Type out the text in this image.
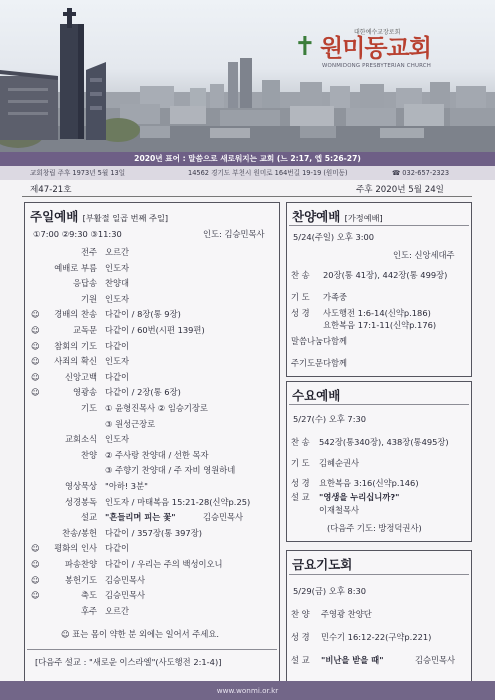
✝	대한예수교장로회
원미동교회
WONMIDONG PRESBYTERIAN CHURCH
2020년 표어 : 말씀으로 새로워지는 교회 (느 2:17, 엡 5:26-27)
교회창립 주후 1973년 5월 13일	14562 경기도 부천시 원미로 164번길 19-19 (원미동)	☎ 032-657-2323
제47-21호	주후 2020년 5월 24일
주일예배 [부활절 일곱 번째 주일]
①7:00 ②9:30 ③11:30	인도: 김승민목사
전주 오르간
예배로 부름 인도자
응답송 찬양대
기원 인도자
☺ 경배의 찬송 다같이 / 8장(통 9장)
☺	교독문 다같이 / 60번(시편 139편)
☺ 참회의 기도 다같이
☺ 사죄의 확신 인도자
☺	신앙고백 다같이
☺	영광송 다같이 / 2장(통 6장)
기도 ① 윤형진목사 ② 임승기장로
③ 원성근장로
교회소식 인도자
찬양 ② 주사랑 찬양대 / 선한 목자
③ 주향기 찬양대 / 주 자비 영원하네
영상묵상 "아하! 3분"
성경봉독 인도자 / 마태복음 15:21-28(신약p.25)
설교 "흔들리며 피는 꽃"	김승민목사
찬송/봉헌 다같이 / 357장(통 397장)
☺ 평화의 인사 다같이
☺	파송찬양 다같이 / 우리는 주의 백성이오니
☺	봉헌기도 김승민목사
☺	축도 김승민목사
후주 오르간
☺ 표는 몸이 약한 분 외에는 일어서 주세요.
[다음주 설교 : "새로운 이스라엘"(사도행전 2:1-4)]
찬양예배 [가정예배]
5/24(주일) 오후 3:00
인도: 신앙세대주
찬 송 20장(통 41장), 442장(통 499장)
기 도 가족중
성 경 사도행전 1:6-14(신약p.186)
요한복음 17:1-11(신약p.176)
말씀나눔 다함께
주기도문 다함께
수요예배
5/27(수) 오후 7:30
찬 송 542장(통340장), 438장(통495장)
기 도 김혜순권사
성 경 요한복음 3:16(신약p.146)
설 교 "영생을 누리십니까?"
이재철목사
(다음주 기도: 방정덕권사)
금요기도회
5/29(금) 오후 8:30
찬 양 주영광 찬양단
성 경 민수기 16:12-22(구약p.221)
설 교 "비난을 받을 때"	김승민목사
www.wonmi.or.kr
